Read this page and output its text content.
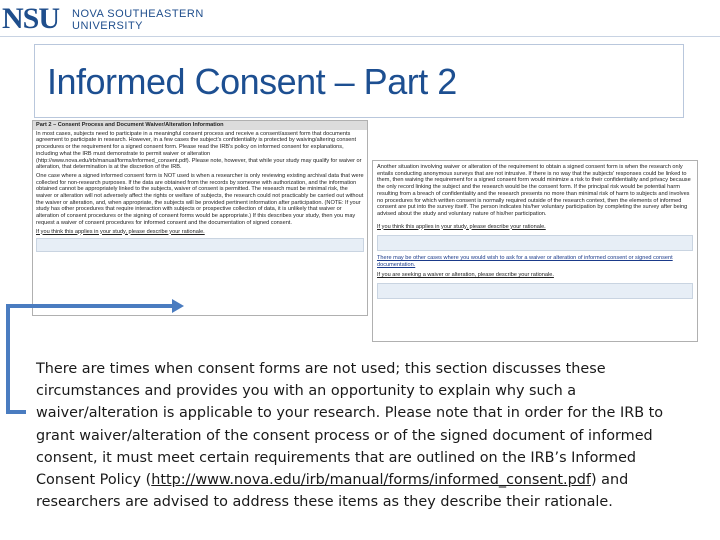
NSU NOVA SOUTHEASTERN
UNIVERSITY
Informed Consent – Part 2
Part 2 – Consent Process and Document Waiver/Alteration Information
In most cases, subjects need to participate in a meaningful consent process and receive a consent/assent form that documents agreement to participate in research. However, in a few cases the subject's confidentiality is protected by waiving/altering consent procedures or the requirement for a signed consent form. Please read the IRB's policy on informed consent for explanations, including what the IRB must demonstrate to permit waiver or alteration (http://www.nova.edu/irb/manual/forms/informed_consent.pdf). Please note, however, that while your study may qualify for waiver or alteration, that determination is at the discretion of the IRB.
One case where a signed informed consent form is NOT used is when a researcher is only reviewing existing archival data that were collected for non-research purposes. If the data are obtained from the records by someone with authorization, and the information obtained cannot be appropriately linked to the subjects, waiver of consent is permitted. The research must be minimal risk, the waiver or alteration will not adversely affect the rights or welfare of subjects, the research could not practicably be carried out without the waiver or alteration, and, when appropriate, the subjects will be provided pertinent information after participation. (NOTE: If your study has other procedures that require interaction with subjects or prospective collection of data, it is unlikely that waiver or alteration of consent procedures or the signing of consent forms would be appropriate.) If this describes your study, then you may request a waiver of consent procedures for informed consent and the documentation of signed consent.
If you think this applies in your study, please describe your rationale.
Another situation involving waiver or alteration of the requirement to obtain a signed consent form is when the research only entails conducting anonymous surveys that are not intrusive. If there is no way that the subjects' responses could be linked to them, then waiving the requirement for a signed consent form would minimize a risk to their confidentiality and privacy because the only record linking the subject and the research would be the consent form. If the principal risk would be potential harm resulting from a breach of confidentiality and the research presents no more than minimal risk of harm to subjects and involves no procedures for which written consent is normally required outside of the research context, then the elements of informed consent are put into the survey itself. The person indicates his/her voluntary participation by completing the survey after being advised about the study and voluntary nature of his/her participation.
If you think this applies in your study, please describe your rationale.
There may be other cases where you would wish to ask for a waiver or alteration of informed consent or signed consent documentation.
If you are seeking a waiver or alteration, please describe your rationale.
There are times when consent forms are not used; this section discusses these circumstances and provides you with an opportunity to explain why such a waiver/alteration is applicable to your research. Please note that in order for the IRB to grant waiver/alteration of the consent process or of the signed document of informed consent, it must meet certain requirements that are outlined on the IRB’s Informed Consent Policy (http://www.nova.edu/irb/manual/forms/informed_consent.pdf) and researchers are advised to address these items as they describe their rationale.
